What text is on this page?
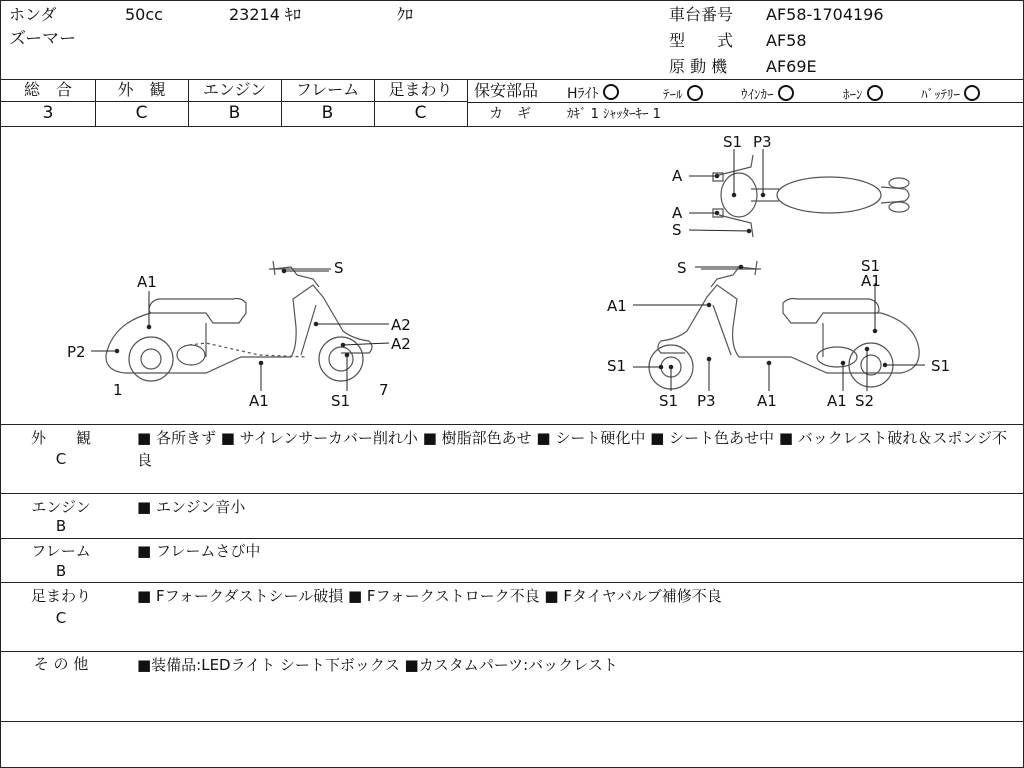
ホンダ	50cc	23214 ｷﾛ	ｸﾛ
ズーマー
車台番号 AF58-1704196
型　　式 AF58
原 動 機 AF69E
総　合	外　観	エンジン	フレーム	足まわり
3	C	B	B	C
保安部品 Hﾗｲﾄ	ﾃｰﾙ	ｳｲﾝｶｰ	ﾎｰﾝ	ﾊﾞｯﾃﾘｰ
カ　ギ	ｶｷﾞ 1 ｼｬｯﾀｰｷｰ 1
A1
P2
1
S
A2
A2
A1	S1
7
S
A1
S1
S1
P3
A1
S1	A1	A1 S2
S1
S1 P3
A
A
S
外　　観
C
■ 各所きず ■ サイレンサーカバー削れ小 ■ 樹脂部色あせ ■ シート硬化中 ■ シート色あせ中 ■ バックレスト破れ＆スポンジ不良
エンジン
B
■ エンジン音小
フレーム
B
■ フレームさび中
足まわり
C
■ Fフォークダストシール破損 ■ Fフォークストローク不良 ■ Fタイヤバルブ補修不良
そ の 他	■装備品:LEDライト シート下ボックス ■カスタムパーツ:バックレスト
